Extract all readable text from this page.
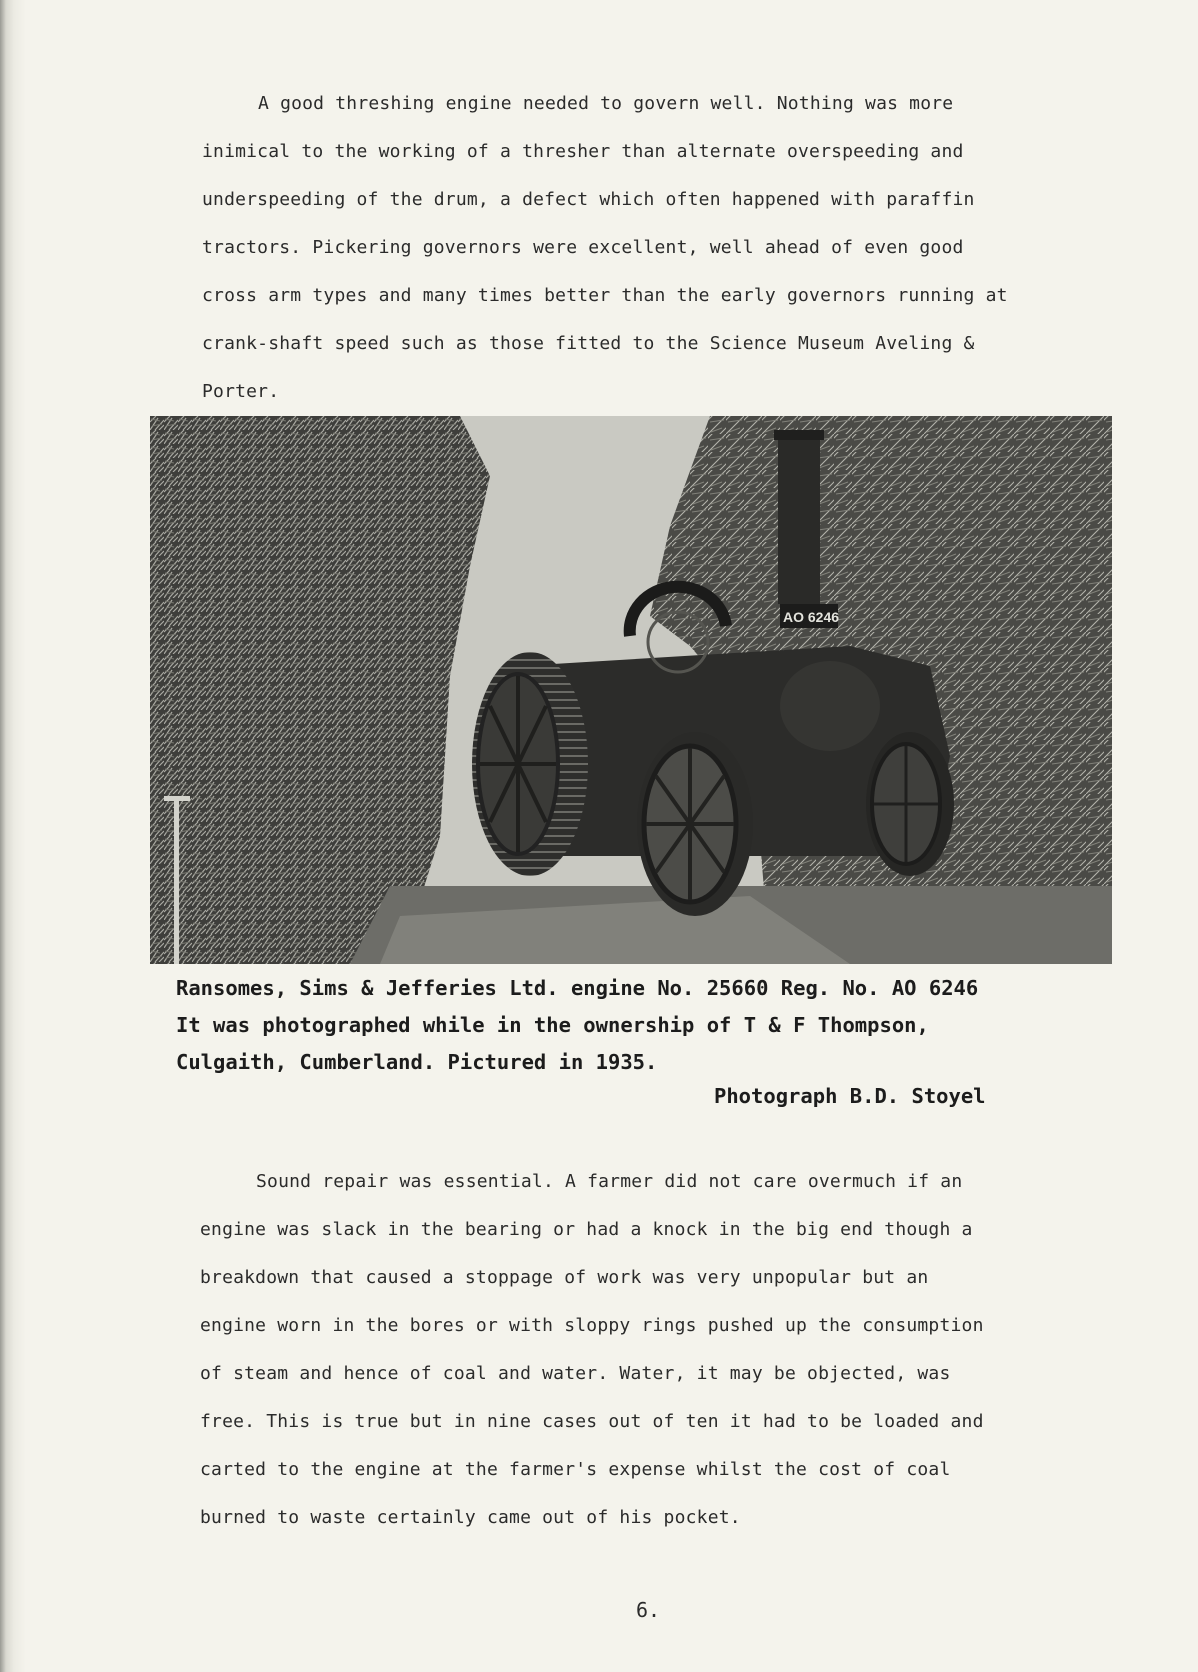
A good threshing engine needed to govern well. Nothing was more
inimical to the working of a thresher than alternate overspeeding and
underspeeding of the drum, a defect which often happened with paraffin
tractors. Pickering governors were excellent, well ahead of even good
cross arm types and many times better than the early governors running at
crank-shaft speed such as those fitted to the Science Museum Aveling &
Porter.
AO 6246
Ransomes, Sims & Jefferies Ltd. engine No. 25660 Reg. No. AO 6246
It was photographed while in the ownership of T & F Thompson,
Culgaith, Cumberland. Pictured in 1935.
Photograph B.D. Stoyel
Sound repair was essential. A farmer did not care overmuch if an
engine was slack in the bearing or had a knock in the big end though a
breakdown that caused a stoppage of work was very unpopular but an
engine worn in the bores or with sloppy rings pushed up the consumption
of steam and hence of coal and water. Water, it may be objected, was
free. This is true but in nine cases out of ten it had to be loaded and
carted to the engine at the farmer's expense whilst the cost of coal
burned to waste certainly came out of his pocket.
6.
